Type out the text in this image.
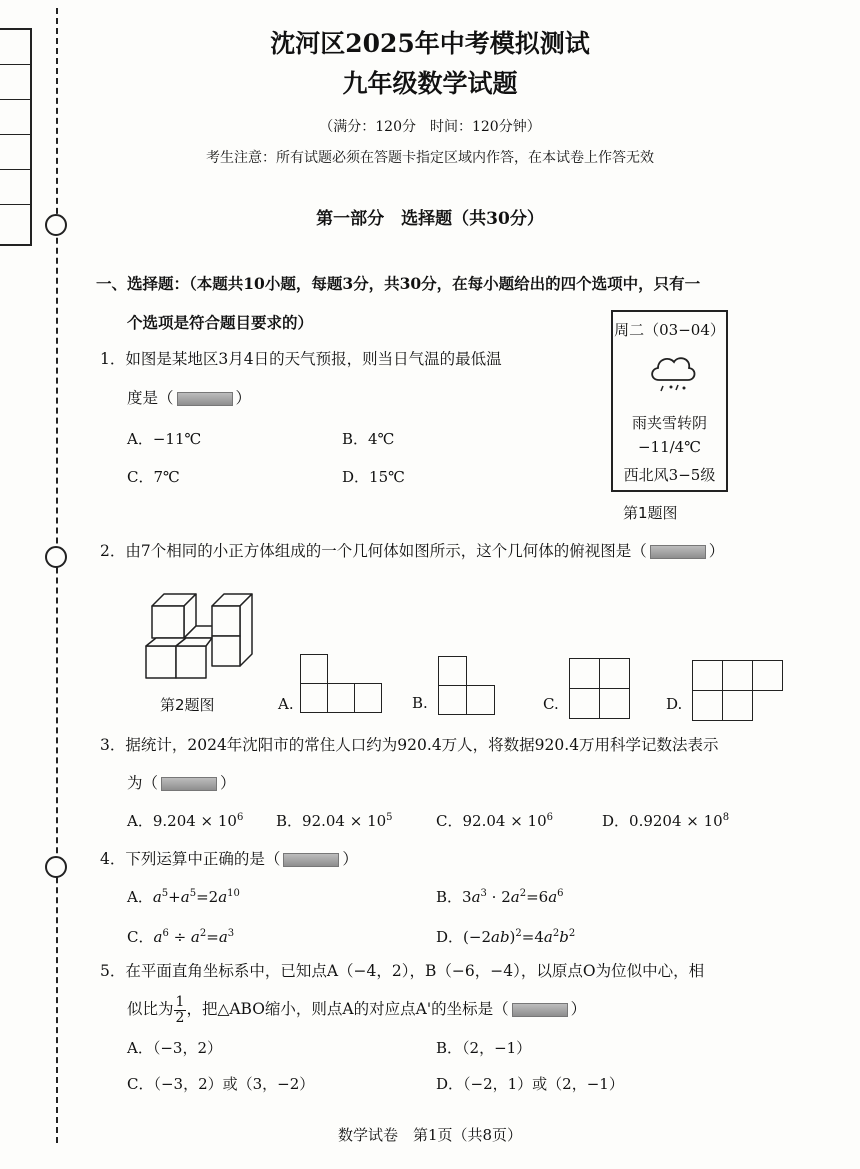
沈河区2025年中考模拟测试
九年级数学试题
（满分：120分　时间：120分钟）
考生注意：所有试题必须在答题卡指定区域内作答，在本试卷上作答无效
第一部分　选择题（共30分）
一、选择题：（本题共10小题，每题3分，共30分，在每小题给出的四个选项中，只有一
个选项是符合题目要求的）
1．如图是某地区3月4日的天气预报，则当日气温的最低温
度是（	）
A．−11℃	B．4℃
C．7℃	D．15℃
周二（03−04）
雨夹雪转阴
−11/4℃
西北风3−5级
第1题图
2．由7个相同的小正方体组成的一个几何体如图所示，这个几何体的俯视图是（	）
第2题图	A.	B.	C.	D.
3．据统计，2024年沈阳市的常住人口约为920.4万人，将数据920.4万用科学记数法表示
为（	）
A．$9.204 \times 10^6$ B．$92.04 \times 10^5$	C．$92.04 \times 10^6$	D．$0.9204 \times 10^8$
4．下列运算中正确的是（	）
A．$a^5+a^5=2a^{10}$	B．$3a^3 \cdot 2a^2=6a^6$
C．$a^6 \div a^2=a^3$	D．$(-2ab)^2=4a^2b^2$
5．在平面直角坐标系中，已知点A（−4，2），B（−6，−4），以原点O为位似中心，相
似比为 $\frac{1}{2}$ ，把△ABO缩小，则点A的对应点A'的坐标是（	）
A．（−3，2）	B．（2，−1）
C．（−3，2）或（3，−2）	D．（−2，1）或（2，−1）
数学试卷　第1页（共8页）
